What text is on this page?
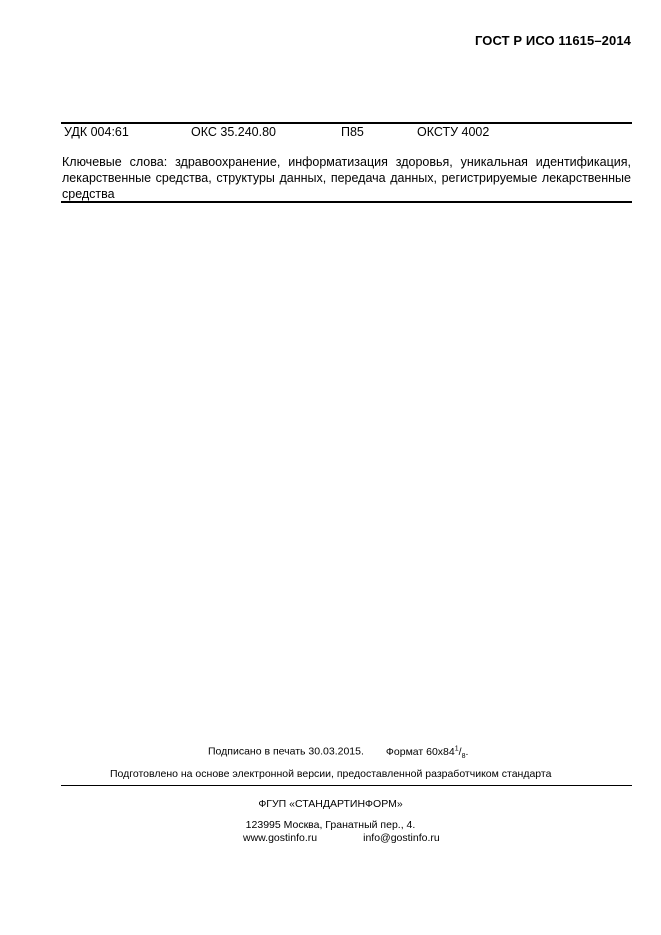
ГОСТ Р ИСО 11615–2014
УДК 004:61	ОКС 35.240.80	П85	ОКСТУ 4002
Ключевые слова: здравоохранение, информатизация здоровья, уникальная идентификация, лекарственные средства, структуры данных, передача данных, регистрируемые лекарственные средства
Подписано в печать 30.03.2015. Формат $60х84^1/_8$.
Подготовлено на основе электронной версии, предоставленной разработчиком стандарта
ФГУП «СТАНДАРТИНФОРМ»
123995 Москва, Гранатный пер., 4.
www.gostinfo.ru	info@gostinfo.ru
